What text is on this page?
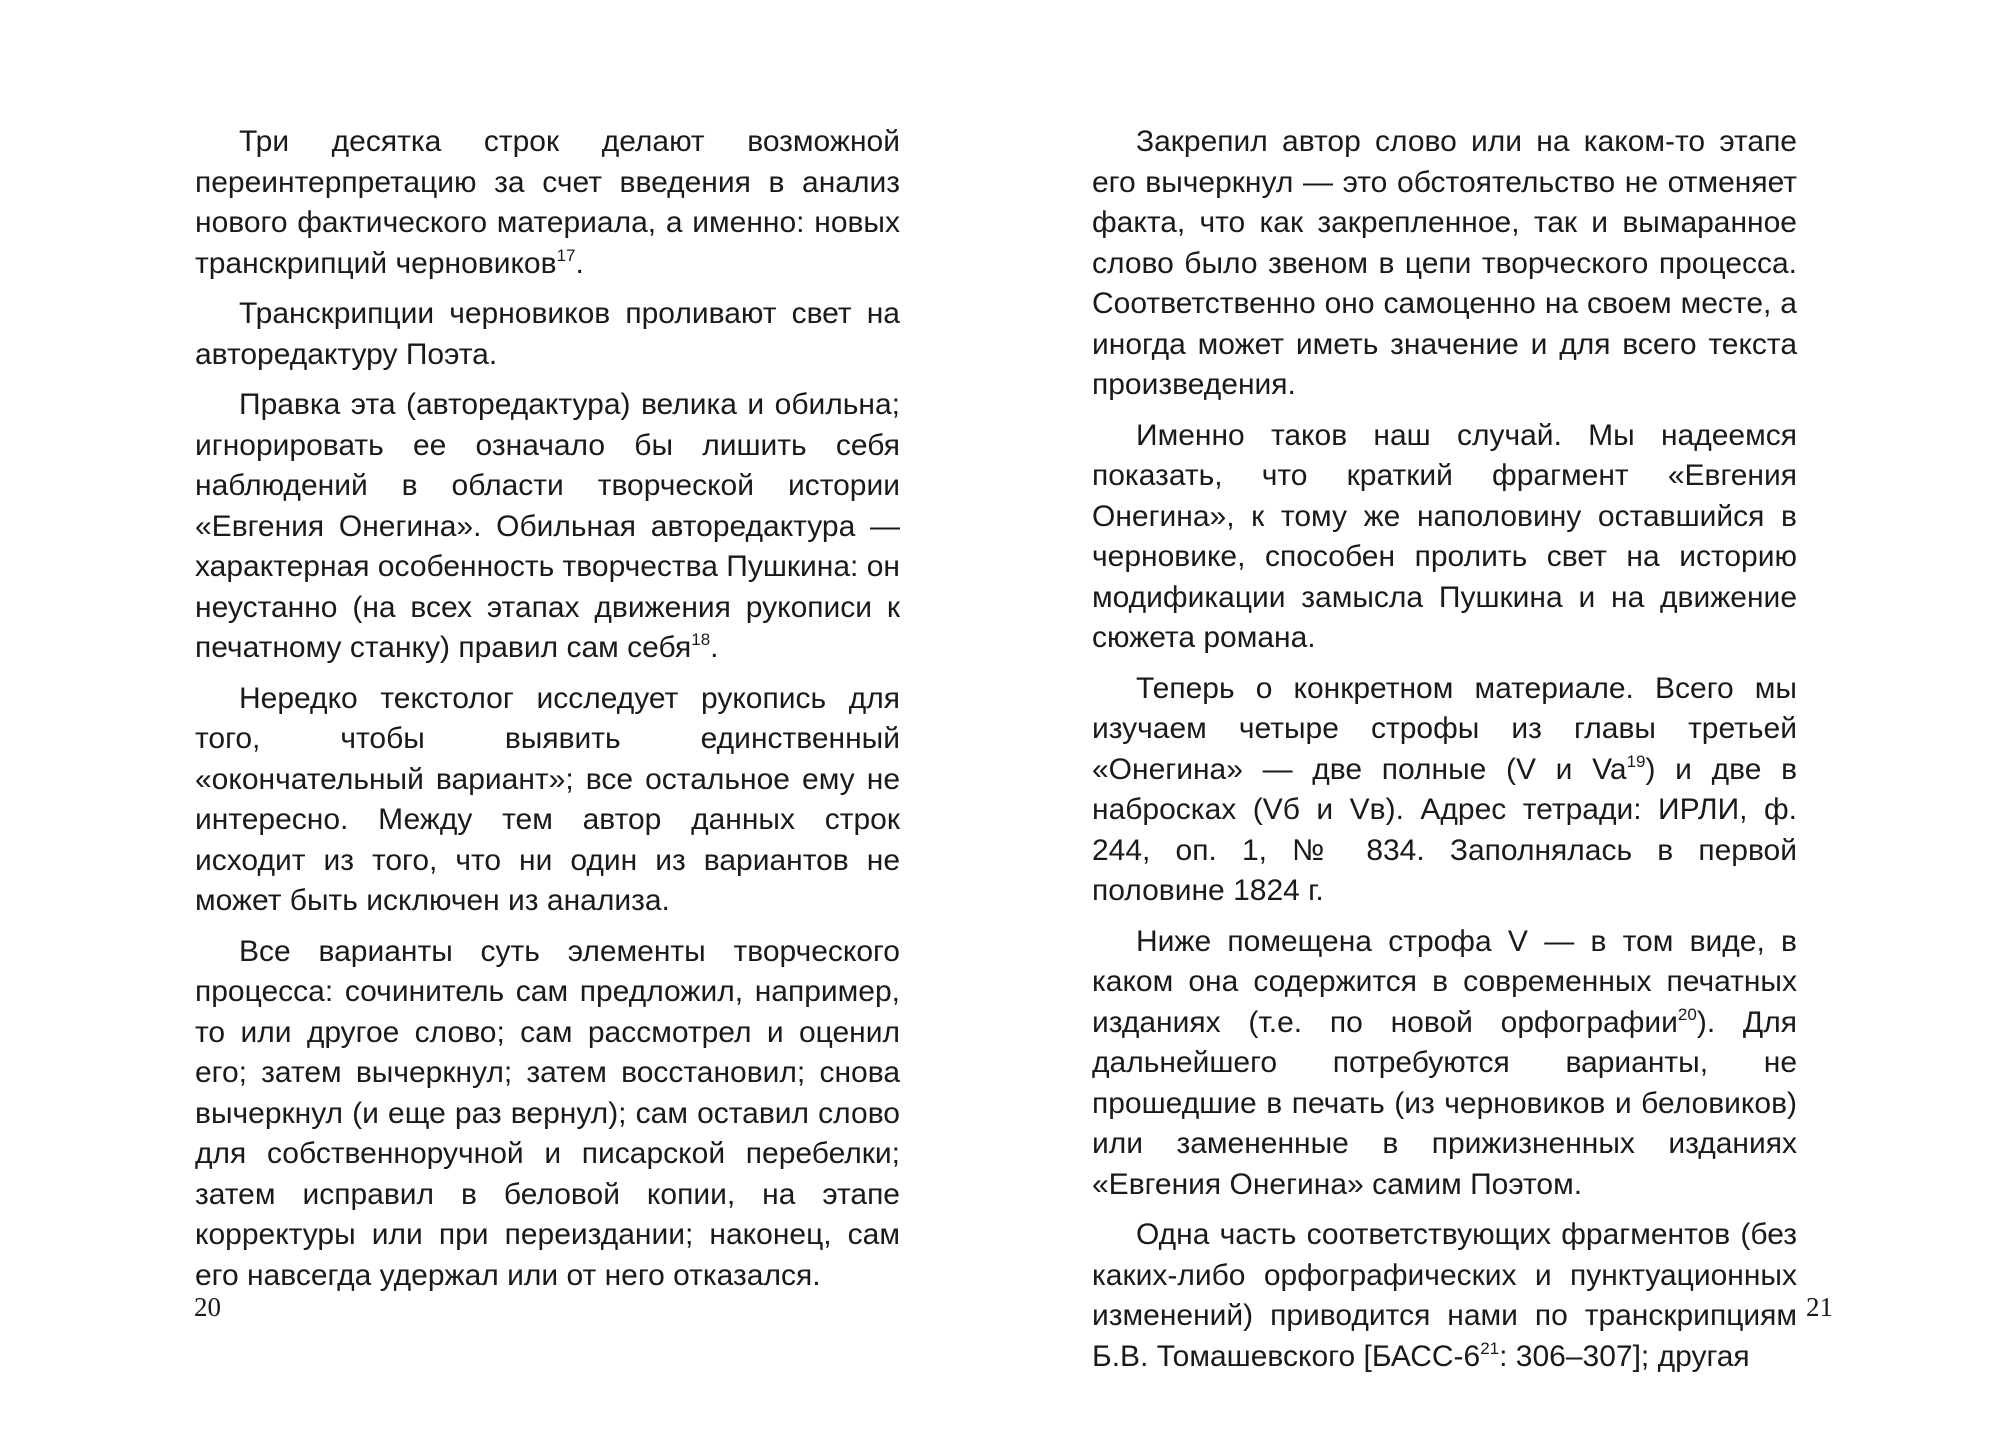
Три десятка строк делают возможной переинтерпретацию за счет введения в анализ нового фактического материала, а именно: новых транскрипций черновиков$^{17}$.

Транскрипции черновиков проливают свет на автоpедактуру Поэта.

Правка эта (автоpедактура) велика и обильна; игнорировать ее означало бы лишить себя наблюдений в области творческой истории «Евгения Онегина». Обильная автоpедактура — характерная особенность творчества Пушкина: он неустанно (на всех этапах движения рукописи к печатному станку) правил сам себя$^{18}$.

Нередко текстолог исследует рукопись для того, чтобы выявить единственный «окончательный вариант»; все остальное ему не интересно. Между тем автор данных строк исходит из того, что ни один из вариантов не может быть исключен из анализа.

Все варианты суть элементы творческого процесса: сочинитель сам предложил, например, то или другое слово; сам рассмотрел и оценил его; затем вычеркнул; затем восстановил; снова вычеркнул (и еще раз вернул); сам оставил слово для собственноручной и писарской перебелки; затем исправил в беловой копии, на этапе корректуры или при переиздании; наконец, сам его навсегда удержал или от него отказался.

20

Закрепил автор слово или на каком-то этапе его вычеркнул — это обстоятельство не отменяет факта, что как закрепленное, так и вымаранное слово было звеном в цепи творческого процесса. Соответственно оно самоценно на своем месте, а иногда может иметь значение и для всего текста произведения.

Именно таков наш случай. Мы надеемся показать, что краткий фрагмент «Евгения Онегина», к тому же наполовину оставшийся в черновике, способен пролить свет на историю модификации замысла Пушкина и на движение сюжета романа.

Теперь о конкретном материале. Всего мы изучаем четыре строфы из главы третьей «Онегина» — две полные (V и Va$^{19}$) и две в набросках (Vб и Vв). Адрес тетради: ИРЛИ, ф. 244, оп. 1, № 834. Заполнялась в первой половине 1824 г.

Ниже помещена строфа V — в том виде, в каком она содержится в современных печатных изданиях (т.е. по новой орфографии$^{20}$). Для дальнейшего потребуются варианты, не прошедшие в печать (из черновиков и беловиков) или замененные в прижизненных изданиях «Евгения Онегина» самим Поэтом.

Одна часть соответствующих фрагментов (без каких-либо орфографических и пунктуационных изменений) приводится нами по транскрипциям Б.В. Томашевского [$БАСС-6^{21}$: 306–307]; другая

21
